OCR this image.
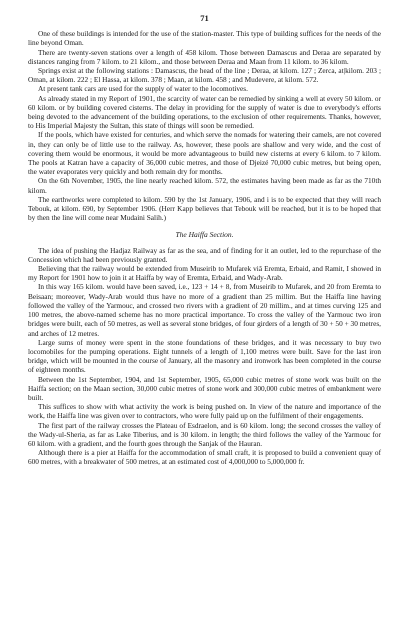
71

One of these buildings is intended for the use of the station-master. This type of building suffices for the needs of the line beyond Oman.

There are twenty-seven stations over a length of 458 kilom. Those between Damascus and Deraa are separated by distances ranging from 7 kilom. to 21 kilom., and those between Deraa and Maan from 11 kilom. to 36 kilom.

Springs exist at the following stations : Damascus, the head of the line ; Deraa, at kilom. 127 ; Zerca, at|kilom. 203 ; Oman, at kilom. 222 ; El Hassa, at kilom. 378 ; Maan, at kilom. 458 ; and Mudevere, at kilom. 572.

At present tank cars are used for the supply of water to the locomotives.

As already stated in my Report of 1901, the scarcity of water can be remedied by sinking a well at every 50 kilom. or 60 kilom. or by building covered cisterns. The delay in providing for the supply of water is due to everybody's efforts being devoted to the advancement of the building operations, to the exclusion of other requirements. Thanks, however, to His Imperial Majesty the Sultan, this state of things will soon be remedied.

If the pools, which have existed for centuries, and which serve the nomads for watering their camels, are not covered in, they can only be of little use to the railway. As, however, these pools are shallow and very wide, and the cost of covering them would be enormous, it would be more advantageous to build new cisterns at every 6 kilom. to 7 kilom. The pools at Katran have a capacity of 36,000 cubic metres, and those of Djeizé 70,000 cubic metres, but being open, the water evaporates very quickly and both remain dry for months.

On the 6th November, 1905, the line nearly reached kilom. 572, the estimates having been made as far as the 710th kilom.

The earthworks were completed to kilom. 590 by the 1st January, 1906, and i is to be expected that they will reach Tebouk, at kilom. 690, by September 1906. (Herr Kapp believes that Tebouk will be reached, but it is to be hoped that by then the line will come near Mudaini Salih.)

The Haiffa Section.

The idea of pushing the Hadjaz Railway as far as the sea, and of finding for it an outlet, led to the repurchase of the Concession which had been previously granted.

Believing that the railway would be extended from Museirib to Mufarek viâ Eremta, Erbaid, and Ramit, I showed in my Report for 1901 how to join it at Haiffa by way of Eremta, Erbaid, and Wady-Arab.

In this way 165 kilom. would have been saved, i.e., 123 + 14 + 8, from Museirib to Mufarek, and 20 from Eremta to Beisaan; moreover, Wady-Arab would thus have no more of a gradient than 25 millim. But the Haiffa line having followed the valley of the Yarmouc, and crossed two rivers with a gradient of 20 millim., and at times curving 125 and 100 metres, the above-named scheme has no more practical importance. To cross the valley of the Yarmouc two iron bridges were built, each of 50 metres, as well as several stone bridges, of four girders of a length of 30 + 50 + 30 metres, and arches of 12 metres.

Large sums of money were spent in the stone foundations of these bridges, and it was necessary to buy two locomobiles for the pumping operations. Eight tunnels of a length of 1,100 metres were built. Save for the last iron bridge, which will be mounted in the course of January, all the masonry and ironwork has been completed in the course of eighteen months.

Between the 1st September, 1904, and 1st September, 1905, 65,000 cubic metres of stone work was built on the Haiffa section; on the Maan section, 30,000 cubic metres of stone work and 300,000 cubic metres of embankment were built.

This suffices to show with what activity the work is being pushed on. In view of the nature and importance of the work, the Haiffa line was given over to contractors, who were fully paid up on the fulfilment of their engagements.

The first part of the railway crosses the Plateau of Esdraelon, and is 60 kilom. long; the second crosses the valley of the Wady-ul-Sheria, as far as Lake Tiberius, and is 30 kilom. in length; the third follows the valley of the Yarmouc for 60 kilom. with a gradient, and the fourth goes through the Sanjak of the Hauran.

Although there is a pier at Haiffa for the accommodation of small craft, it is proposed to build a convenient quay of 600 metres, with a breakwater of 500 metres, at an estimated cost of 4,000,000 to 5,000,000 fr.
